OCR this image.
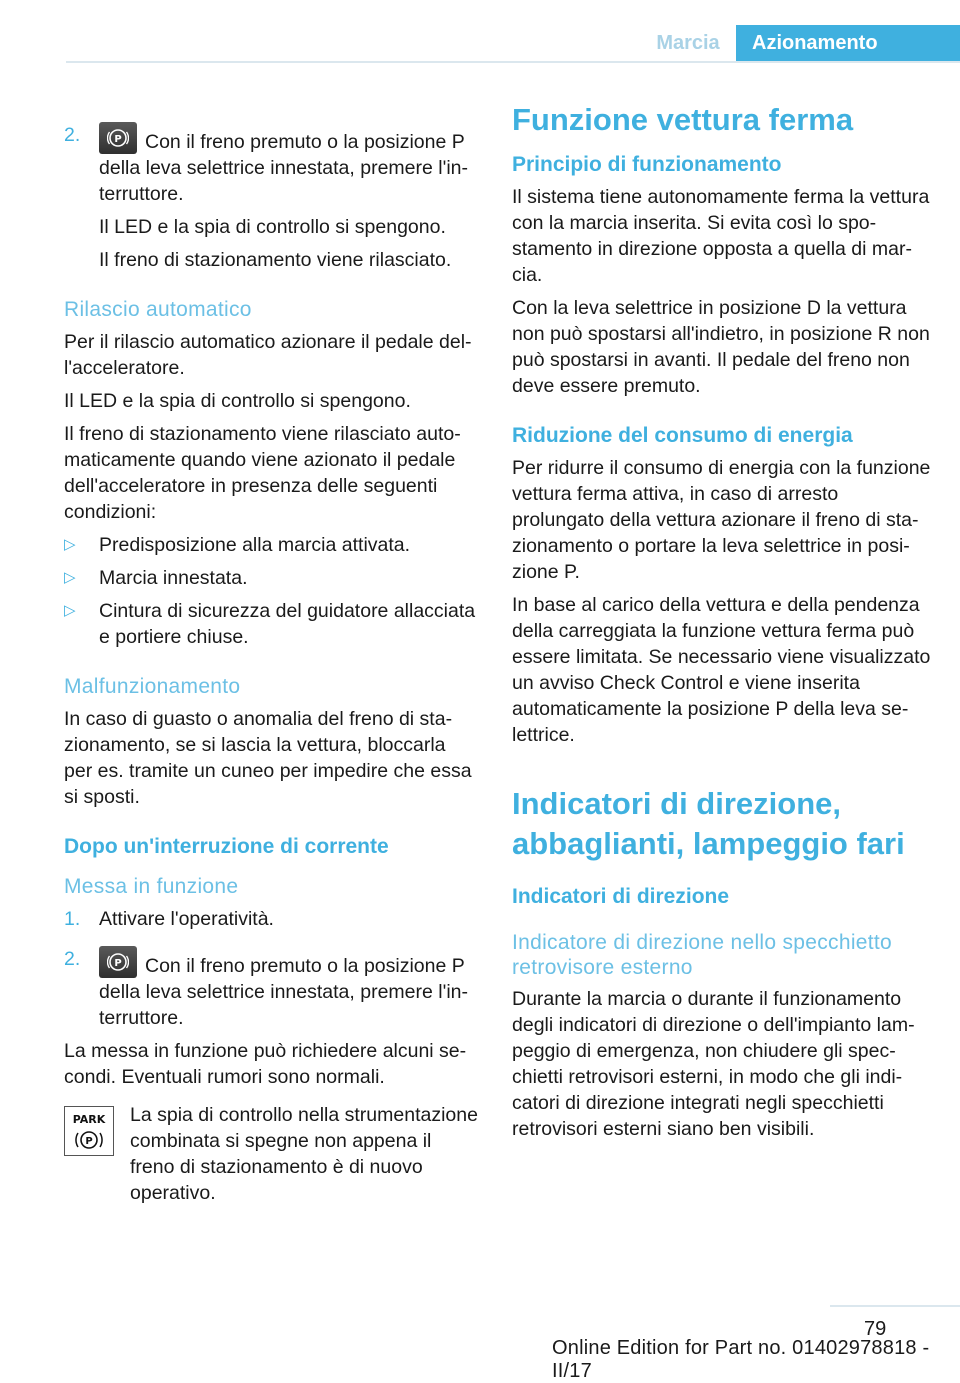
Marcia	Azionamento
2.	P Con il freno premuto o la posizione P della leva selettrice innestata, premere l'interruttore.

Il LED e la spia di controllo si spengono.

Il freno di stazionamento viene rilasciato.

Rilascio automatico

Per il rilascio automatico azionare il pedale dell'acceleratore.

Il LED e la spia di controllo si spengono.

Il freno di stazionamento viene rilasciato automaticamente quando viene azionato il pedale dell'acceleratore in presenza delle seguenti condizioni:

▷ Predisposizione alla marcia attivata.

▷ Marcia innestata.

▷ Cintura di sicurezza del guidatore allacciata e portiere chiuse.

Malfunzionamento

In caso di guasto o anomalia del freno di stazionamento, se si lascia la vettura, bloccarla per es. tramite un cuneo per impedire che essa si sposti.

Dopo un'interruzione di corrente
Messa in funzione
1. Attivare l'operatività.

2.	P Con il freno premuto o la posizione P della leva selettrice innestata, premere l'interruttore.

La messa in funzione può richiedere alcuni secondi. Eventuali rumori sono normali.

PARK
P

La spia di controllo nella strumentazione combinata si spegne non appena il freno di stazionamento è di nuovo operativo.

Funzione vettura ferma
Principio di funzionamento

Il sistema tiene autonomamente ferma la vettura con la marcia inserita. Si evita così lo spostamento in direzione opposta a quella di marcia.

Con la leva selettrice in posizione D la vettura non può spostarsi all'indietro, in posizione R non può spostarsi in avanti. Il pedale del freno non deve essere premuto.

Riduzione del consumo di energia

Per ridurre il consumo di energia con la funzione vettura ferma attiva, in caso di arresto prolungato della vettura azionare il freno di stazionamento o portare la leva selettrice in posizione P.

In base al carico della vettura e della pendenza della carreggiata la funzione vettura ferma può essere limitata. Se necessario viene visualizzato un avviso Check Control e viene inserita automaticamente la posizione P della leva selettrice.

Indicatori di direzione, abbaglianti, lampeggio fari
Indicatori di direzione
Indicatore di direzione nello specchietto retrovisore esterno

Durante la marcia o durante il funzionamento degli indicatori di direzione o dell'impianto lampeggio di emergenza, non chiudere gli specchietti retrovisori esterni, in modo che gli indicatori di direzione integrati negli specchietti retrovisori esterni siano ben visibili.

79
Online Edition for Part no. 01402978818 - II/17
